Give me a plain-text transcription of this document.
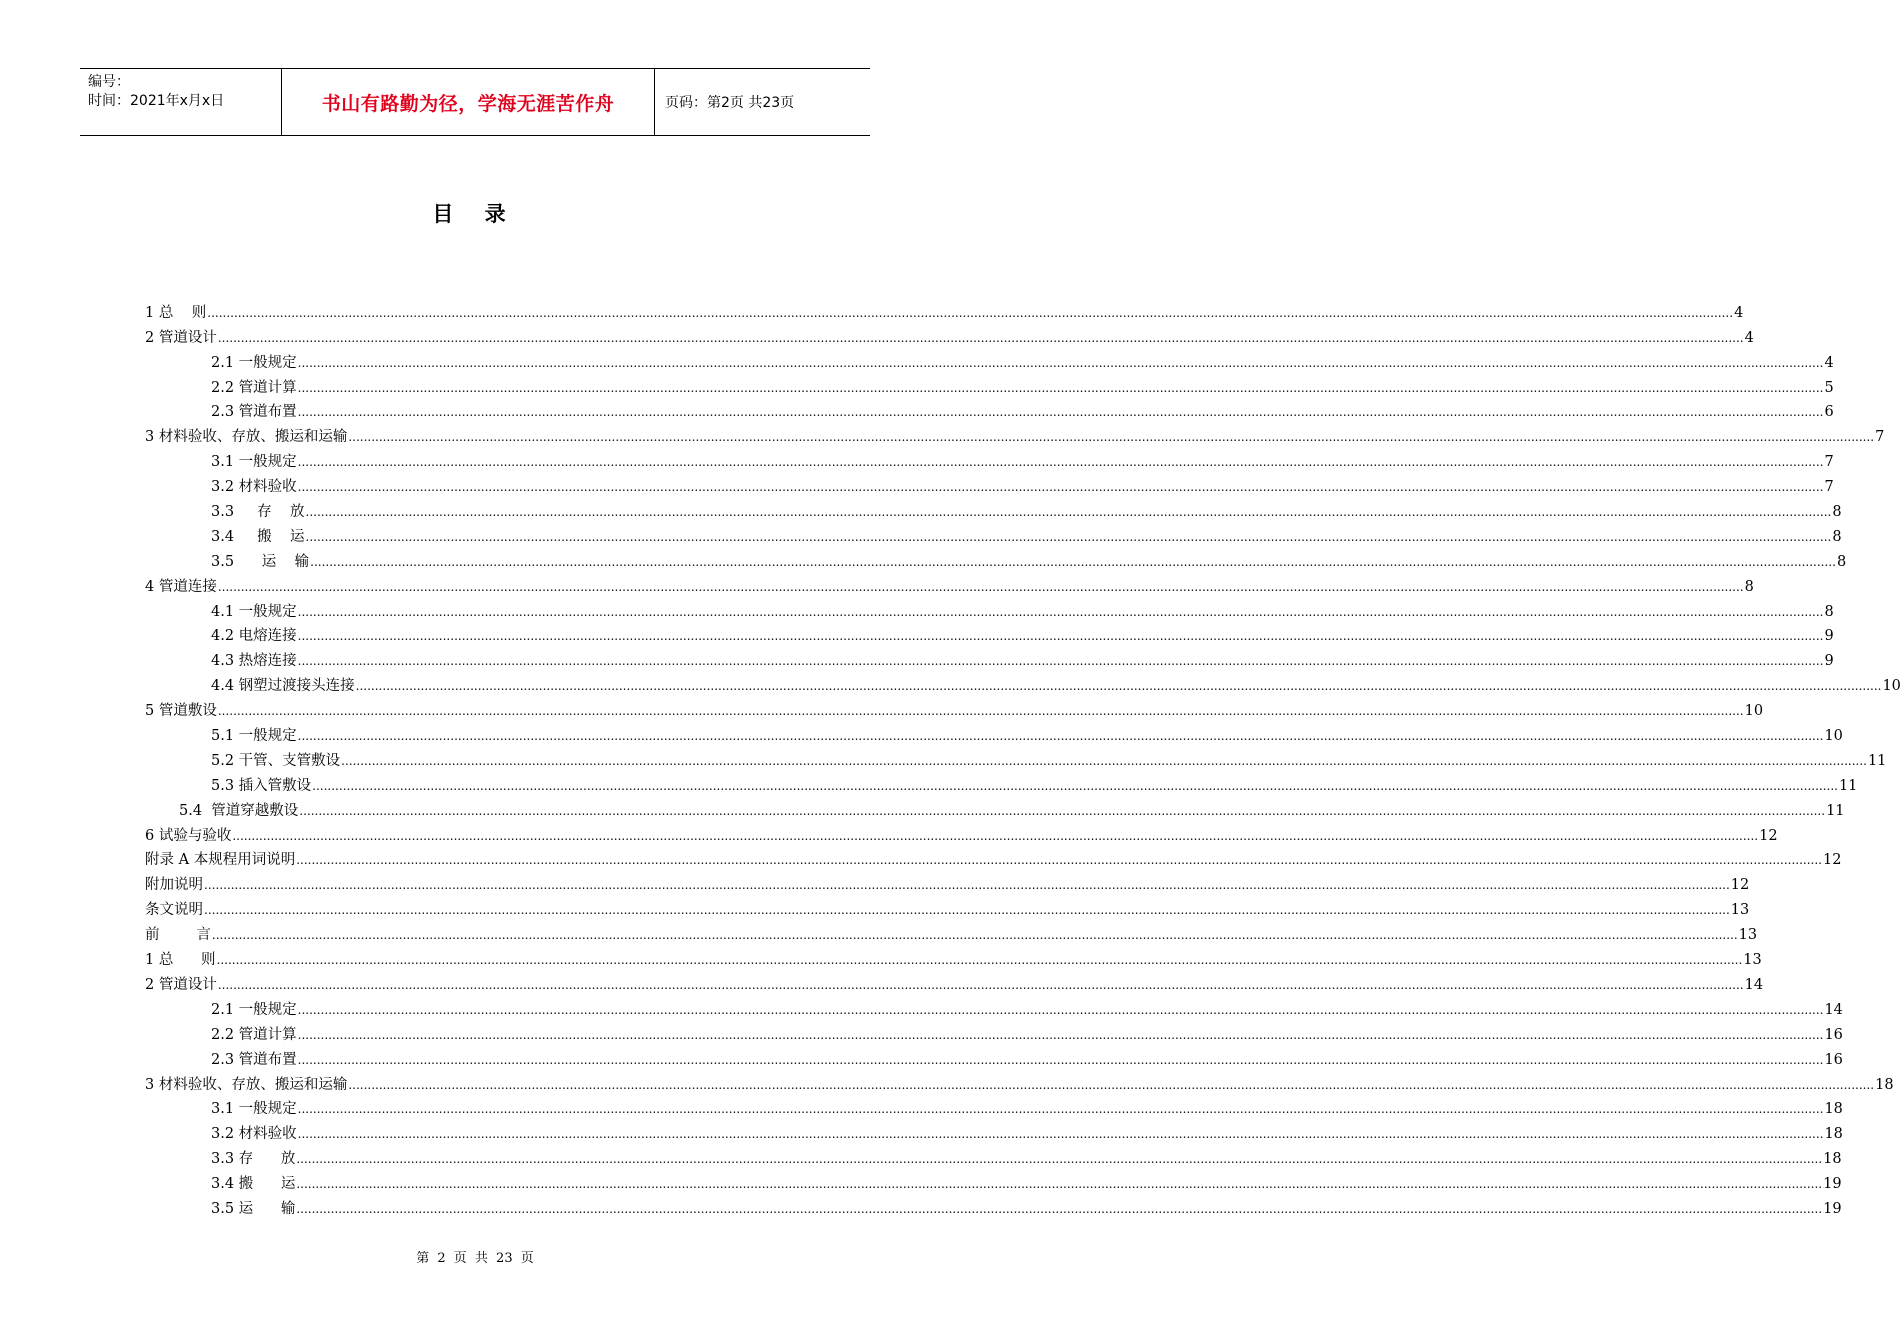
编号：
时间：2021年x月x日	书山有路勤为径，学海无涯苦作舟	页码：第2页 共23页
目 录
1 总    则 ................................................................................................................................................................................................................................................................................................................................................................................................................ 4
2 管道设计 ................................................................................................................................................................................................................................................................................................................................................................................................................ 4
2.1 一般规定 ................................................................................................................................................................................................................................................................................................................................................................................................................ 4
2.2 管道计算 ................................................................................................................................................................................................................................................................................................................................................................................................................ 5
2.3 管道布置 ................................................................................................................................................................................................................................................................................................................................................................................................................ 6
3 材料验收、存放、搬运和运输 ................................................................................................................................................................................................................................................................................................................................................................................................................ 7
3.1 一般规定 ................................................................................................................................................................................................................................................................................................................................................................................................................ 7
3.2 材料验收 ................................................................................................................................................................................................................................................................................................................................................................................................................ 7
3.3     存    放 ................................................................................................................................................................................................................................................................................................................................................................................................................ 8
3.4     搬    运 ................................................................................................................................................................................................................................................................................................................................................................................................................ 8
3.5      运    输 ................................................................................................................................................................................................................................................................................................................................................................................................................ 8
4 管道连接 ................................................................................................................................................................................................................................................................................................................................................................................................................ 8
4.1 一般规定 ................................................................................................................................................................................................................................................................................................................................................................................................................ 8
4.2 电熔连接 ................................................................................................................................................................................................................................................................................................................................................................................................................ 9
4.3 热熔连接 ................................................................................................................................................................................................................................................................................................................................................................................................................ 9
4.4 钢塑过渡接头连接 ................................................................................................................................................................................................................................................................................................................................................................................................................ 10
5 管道敷设 ................................................................................................................................................................................................................................................................................................................................................................................................................ 10
5.1 一般规定 ................................................................................................................................................................................................................................................................................................................................................................................................................ 10
5.2 干管、支管敷设 ................................................................................................................................................................................................................................................................................................................................................................................................................ 11
5.3 插入管敷设 ................................................................................................................................................................................................................................................................................................................................................................................................................ 11
5.4  管道穿越敷设 ................................................................................................................................................................................................................................................................................................................................................................................................................ 11
6 试验与验收 ................................................................................................................................................................................................................................................................................................................................................................................................................ 12
附录 A 本规程用词说明 ................................................................................................................................................................................................................................................................................................................................................................................................................ 12
附加说明 ................................................................................................................................................................................................................................................................................................................................................................................................................ 12
条文说明 ................................................................................................................................................................................................................................................................................................................................................................................................................ 13
前        言 ................................................................................................................................................................................................................................................................................................................................................................................................................ 13
1 总      则 ................................................................................................................................................................................................................................................................................................................................................................................................................ 13
2 管道设计 ................................................................................................................................................................................................................................................................................................................................................................................................................ 14
2.1 一般规定 ................................................................................................................................................................................................................................................................................................................................................................................................................ 14
2.2 管道计算 ................................................................................................................................................................................................................................................................................................................................................................................................................ 16
2.3 管道布置 ................................................................................................................................................................................................................................................................................................................................................................................................................ 16
3 材料验收、存放、搬运和运输 ................................................................................................................................................................................................................................................................................................................................................................................................................ 18
3.1 一般规定 ................................................................................................................................................................................................................................................................................................................................................................................................................ 18
3.2 材料验收 ................................................................................................................................................................................................................................................................................................................................................................................................................ 18
3.3 存      放 ................................................................................................................................................................................................................................................................................................................................................................................................................ 18
3.4 搬      运 ................................................................................................................................................................................................................................................................................................................................................................................................................ 19
3.5 运      输 ................................................................................................................................................................................................................................................................................................................................................................................................................ 19
第 2 页 共 23 页
